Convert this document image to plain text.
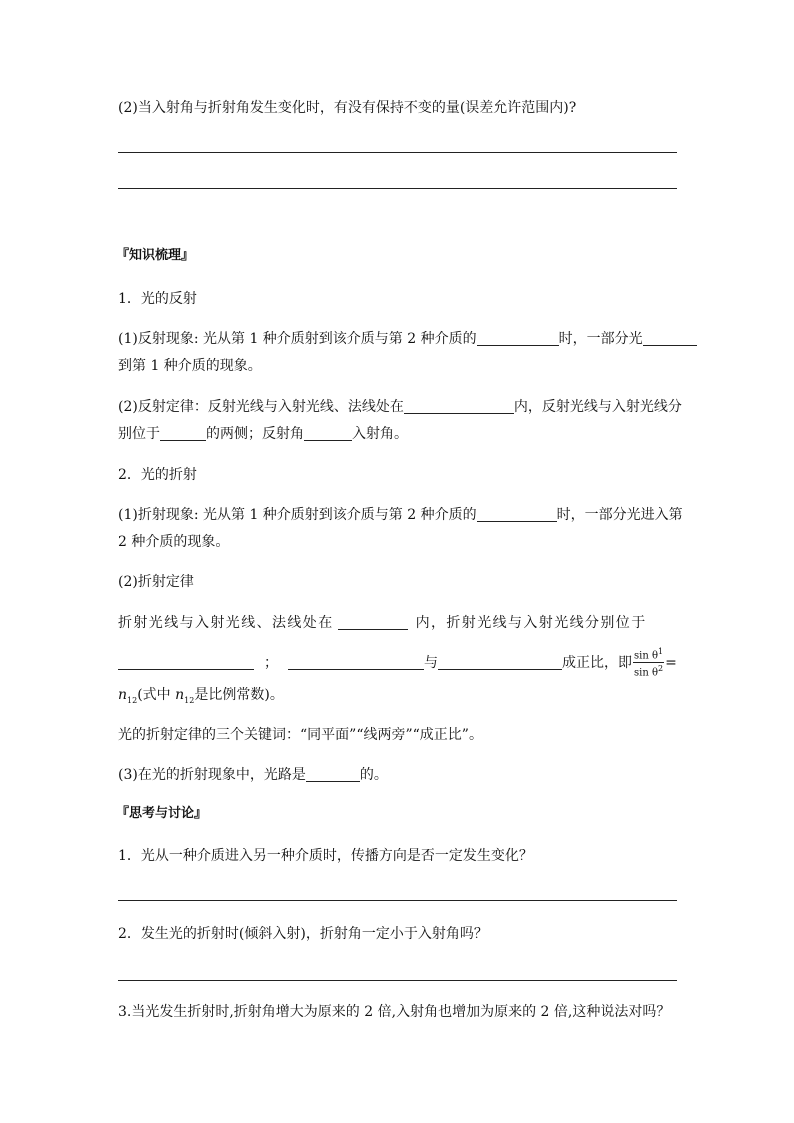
(2)当入射角与折射角发生变化时，有没有保持不变的量(误差允许范围内)?
『知识梳理』
1．光的反射
(1)反射现象: 光从第 1 种介质射到该介质与第 2 种介质的	时，一部分光
到第 1 种介质的现象。
(2)反射定律：反射光线与入射光线、法线处在	内，反射光线与入射光线分
别位于	的两侧；反射角	入射角。
2．光的折射
(1)折射现象: 光从第 1 种介质射到该介质与第 2 种介质的	时，一部分光进入第
2 种介质的现象。
(2)折射定律
折射光线与入射光线、法线处在	内，折射光线与入射光线分别位于
；	与	成正比，即 $\frac{\sin \theta^1}{\sin \theta^2}$ =
$n_{12}$(式中 $n_{12}$是比例常数)。
光的折射定律的三个关键词：“同平面”“线两旁”“成正比”。
(3)在光的折射现象中，光路是	的。
『思考与讨论』
1．光从一种介质进入另一种介质时，传播方向是否一定发生变化？
2．发生光的折射时(倾斜入射)，折射角一定小于入射角吗？
3.当光发生折射时,折射角增大为原来的 2 倍,入射角也增加为原来的 2 倍,这种说法对吗？
